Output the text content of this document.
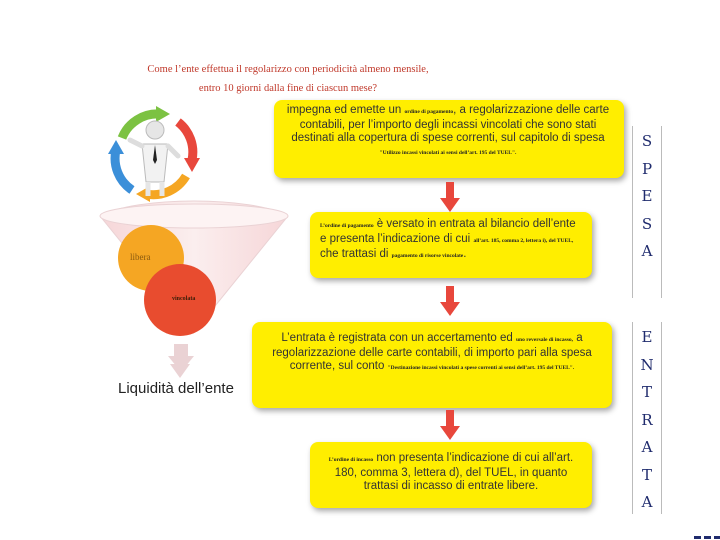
Come l’ente effettua il regolarizzo con periodicità almeno mensile,
entro 10 giorni dalla fine di ciascun mese?
libera
vincolata
Liquidità dell’ente
impegna ed emette un ordine di pagamento, a regolarizzazione delle carte contabili, per l’importo degli incassi vincolati che sono stati destinati alla copertura di spese correnti, sul capitolo di spesa "Utilizzo incassi vincolati ai sensi dell’art. 195 del TUEL".
L’ordine di pagamento è versato in entrata al bilancio dell’ente e presenta l’indicazione di cui all’art. 185, comma 2, lettera i), del TUEL, che trattasi di pagamento di risorse vincolate.
L’entrata è registrata con un accertamento ed uno reversale di incasso, a regolarizzazione delle carte contabili, di importo pari alla spesa corrente, sul conto "Destinazione incassi vincolati a spese correnti ai sensi dell’art. 195 del TUEL".
L’ordine di incasso non presenta l’indicazione di cui all’art. 180, comma 3, lettera d), del TUEL, in quanto trattasi di incasso di entrate libere.
S
P
E
S
A
E
N
T
R
A
T
A
